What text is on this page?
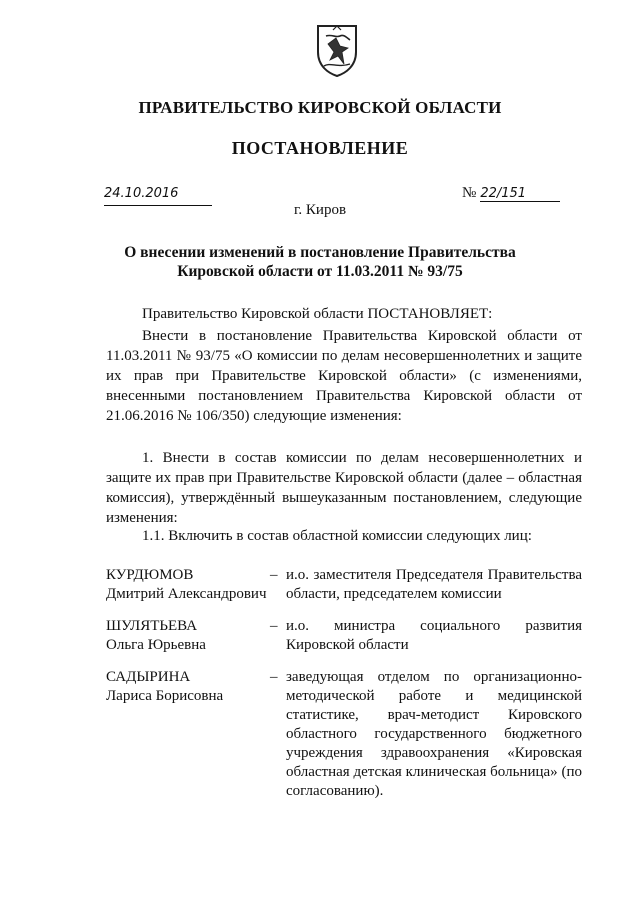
ПРАВИТЕЛЬСТВО КИРОВСКОЙ ОБЛАСТИ
ПОСТАНОВЛЕНИЕ
24.10.2016	№ 22/151
г. Киров
О внесении изменений в постановление Правительства
Кировской области от 11.03.2011 № 93/75
Правительство Кировской области ПОСТАНОВЛЯЕТ:
Внести в постановление Правительства Кировской области от 11.03.2011 № 93/75 «О комиссии по делам несовершеннолетних и защите их прав при Правительстве Кировской области» (с изменениями, внесенными постановлением Правительства Кировской области от 21.06.2016 № 106/350) следующие изменения:
1. Внести в состав комиссии по делам несовершеннолетних и защите их прав при Правительстве Кировской области (далее – областная комиссия), утверждённый вышеуказанным постановлением, следующие изменения:
1.1. Включить в состав областной комиссии следующих лиц:
КУРДЮМОВ
Дмитрий Александрович
– и.о. заместителя Председателя Правительства области, председателем комиссии
ШУЛЯТЬЕВА
Ольга Юрьевна
– и.о. министра социального развития Кировской области
САДЫРИНА
Лариса Борисовна
– заведующая отделом по организационно-методической работе и медицинской статистике, врач-методист Кировского областного государственного бюджетного учреждения здравоохранения «Кировская областная детская клиническая больница» (по согласованию).
